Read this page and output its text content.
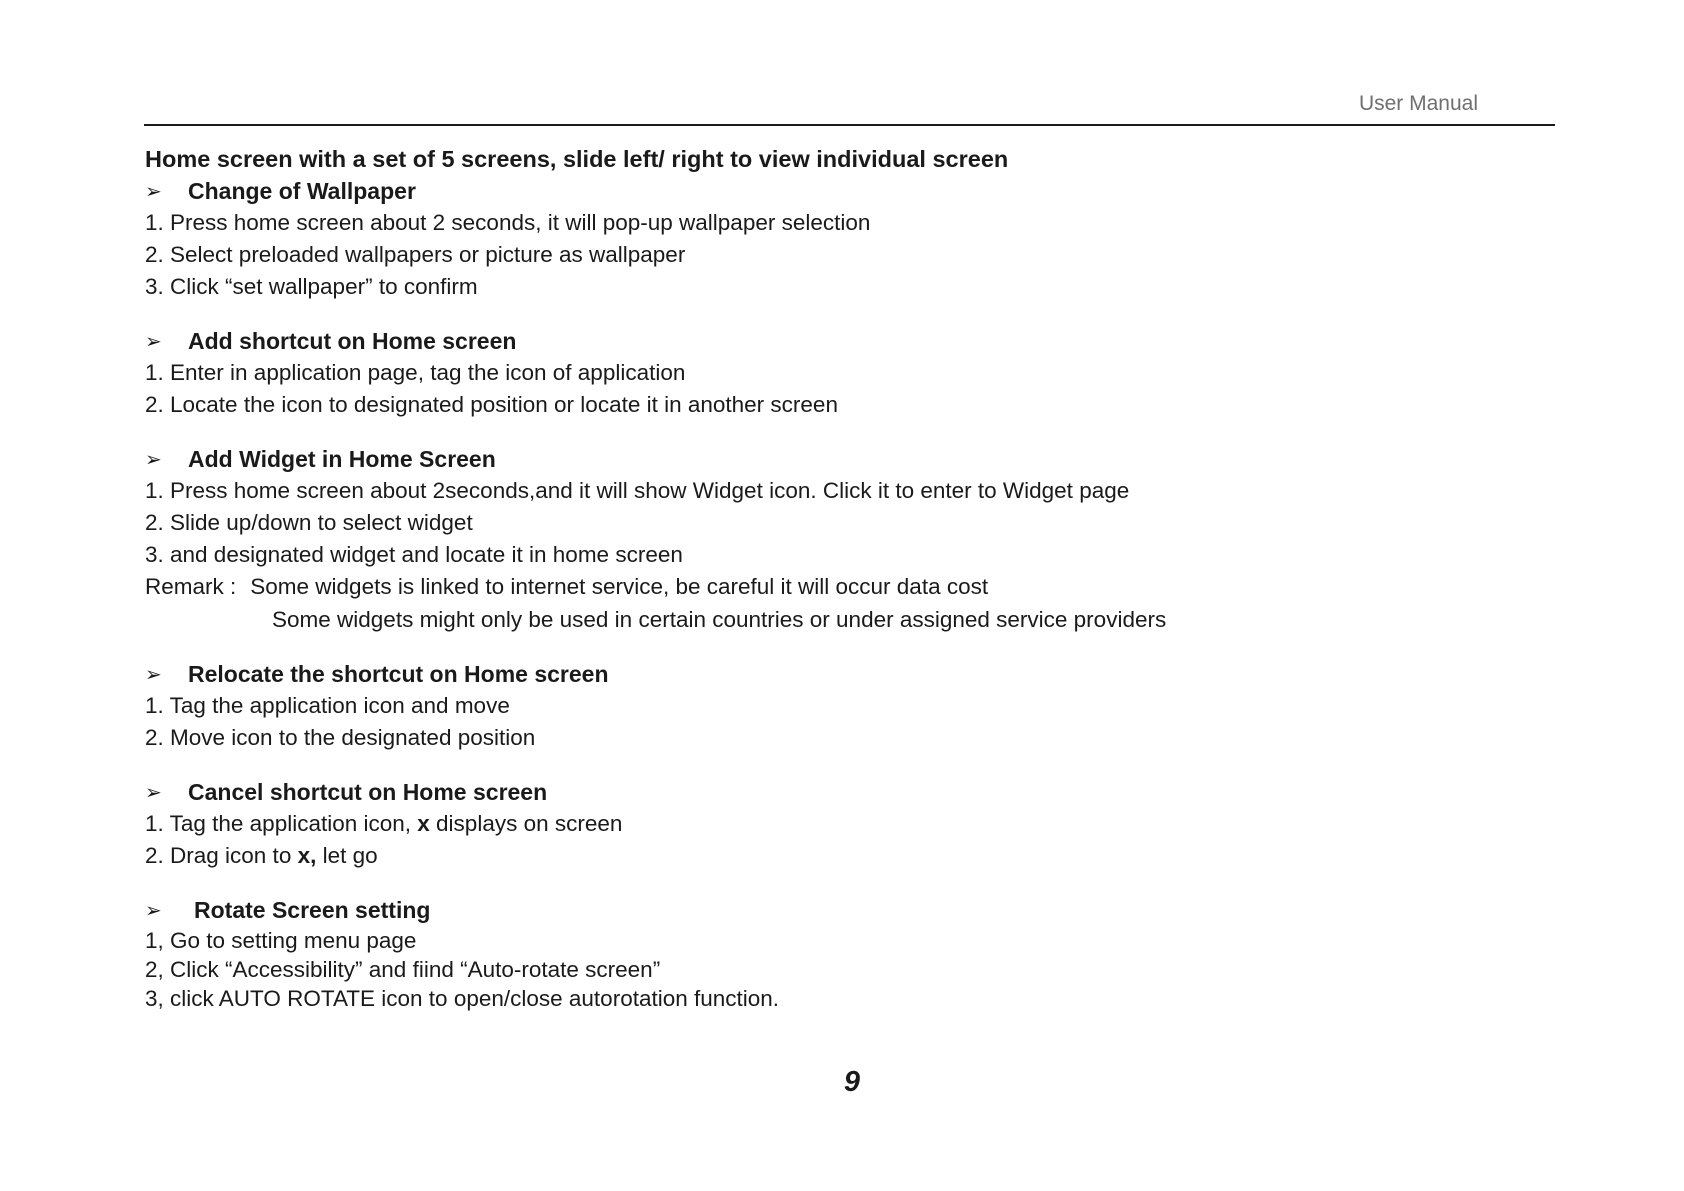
User Manual

Home screen with a set of 5 screens, slide left/ right to view individual screen

➢	Change of Wallpaper
1. Press home screen about 2 seconds, it will pop-up wallpaper selection
2. Select preloaded wallpapers or picture as wallpaper
3. Click “set wallpaper” to confirm
➢	Add shortcut on Home screen
1. Enter in application page, tag the icon of application
2. Locate the icon to designated position or locate it in another screen
➢	Add Widget in Home Screen
1. Press home screen about 2seconds,and it will show Widget icon. Click it to enter to Widget page
2. Slide up/down to select widget
3. and designated widget and locate it in home screen
Remark : Some widgets is linked to internet service, be careful it will occur data cost
Some widgets might only be used in certain countries or under assigned service providers
➢	Relocate the shortcut on Home screen
1. Tag the application icon and move
2. Move icon to the designated position
➢	Cancel shortcut on Home screen
1. Tag the application icon, x displays on screen
2. Drag icon to x, let go
➢	Rotate Screen setting
1, Go to setting menu page
2, Click “Accessibility” and fiind “Auto-rotate screen”
3, click AUTO ROTATE icon to open/close autorotation function.
9
